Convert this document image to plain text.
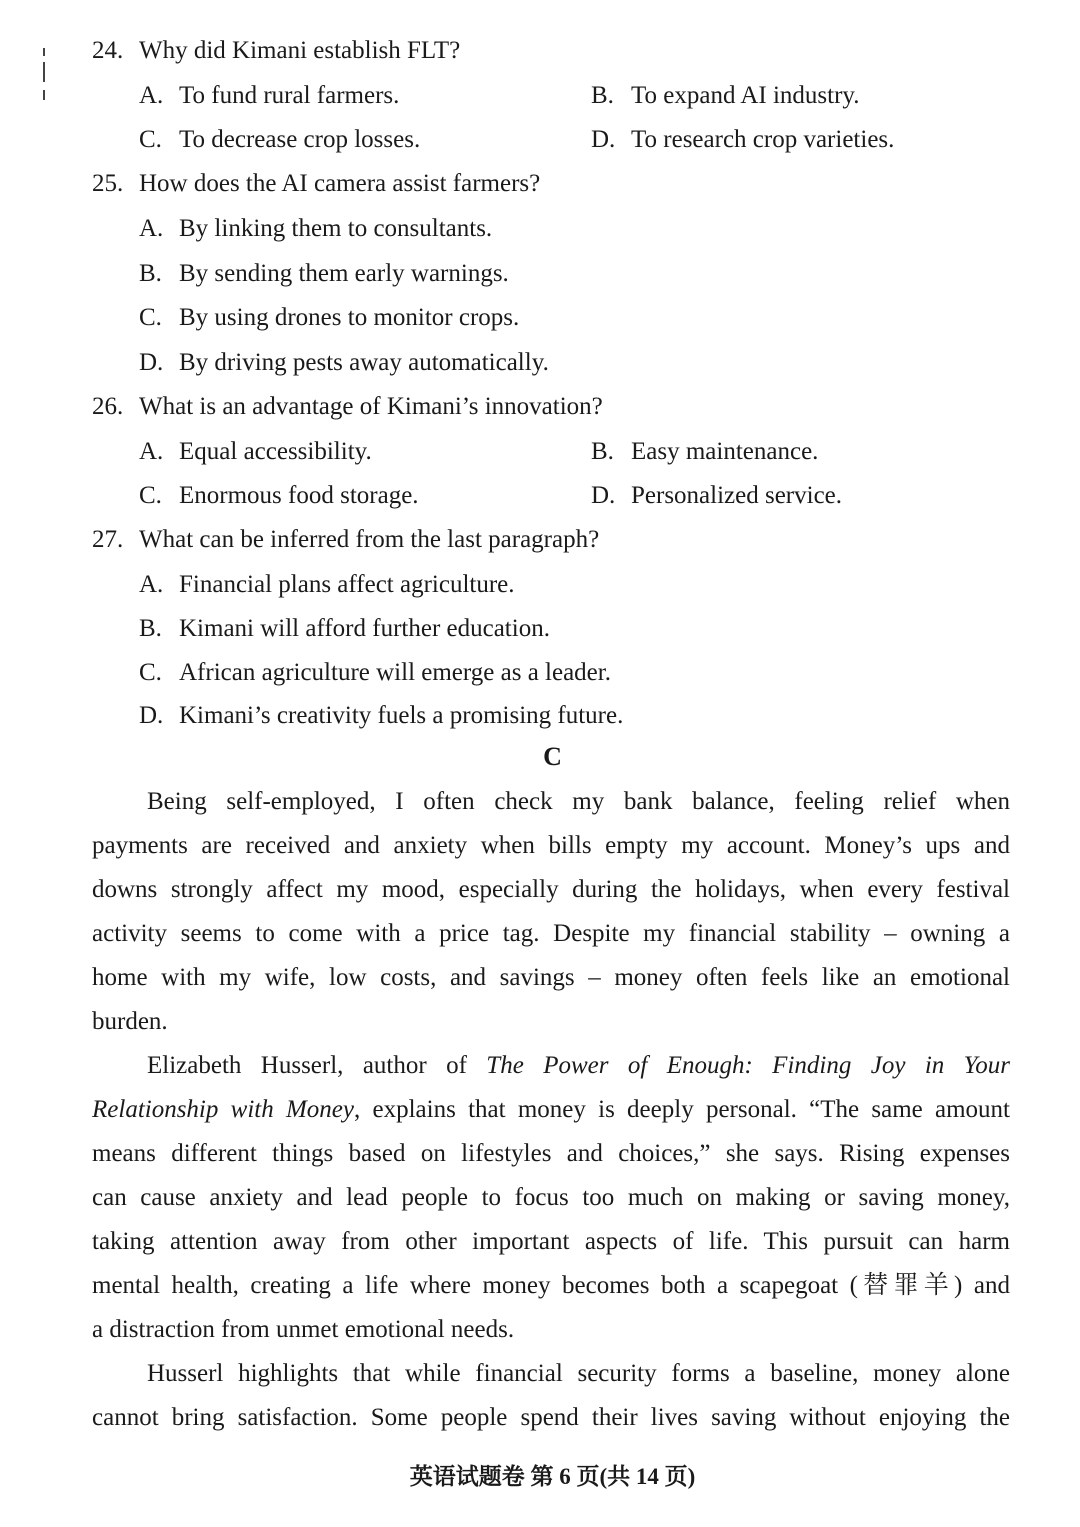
24. Why did Kimani establish FLT?
A. To fund rural farmers.	B. To expand AI industry.
C. To decrease crop losses.	D. To research crop varieties.
25. How does the AI camera assist farmers?
A. By linking them to consultants.
B. By sending them early warnings.
C. By using drones to monitor crops.
D. By driving pests away automatically.
26. What is an advantage of Kimani’s innovation?
A. Equal accessibility.	B. Easy maintenance.
C. Enormous food storage.	D. Personalized service.
27. What can be inferred from the last paragraph?
A. Financial plans affect agriculture.
B. Kimani will afford further education.
C. African agriculture will emerge as a leader.
D. Kimani’s creativity fuels a promising future.
C
Being self-employed, I often check my bank balance, feeling relief when
payments are received and anxiety when bills empty my account. Money’s ups and
downs strongly affect my mood, especially during the holidays, when every festival
activity seems to come with a price tag. Despite my financial stability – owning a
home with my wife, low costs, and savings – money often feels like an emotional
burden.
Elizabeth Husserl, author of The Power of Enough: Finding Joy in Your
Relationship with Money, explains that money is deeply personal. “The same amount
means different things based on lifestyles and choices,” she says. Rising expenses
can cause anxiety and lead people to focus too much on making or saving money,
taking attention away from other important aspects of life. This pursuit can harm
mental health, creating a life where money becomes both a scapegoat (替罪羊) and
a distraction from unmet emotional needs.
Husserl highlights that while financial security forms a baseline, money alone
cannot bring satisfaction. Some people spend their lives saving without enjoying the
英语试题卷 第 6 页(共 14 页)
